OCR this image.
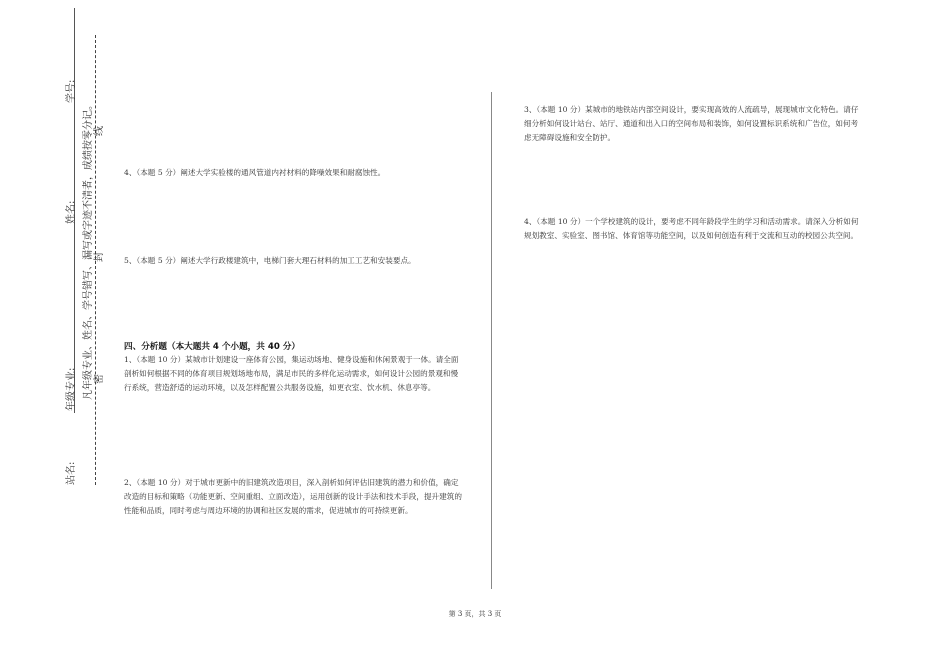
学号:
姓名:
年级专业:
站名:
凡年级专业、姓名、学号错写、漏写或字迹不清者，成绩按零分记。 密
封
线
4、（本题 5 分）阐述大学实验楼的通风管道内衬材料的降噪效果和耐腐蚀性。
5、（本题 5 分）阐述大学行政楼建筑中，电梯门套大理石材料的加工工艺和安装要点。
四、分析题（本大题共 4 个小题，共 40 分）
1、（本题 10 分）某城市计划建设一座体育公园，集运动场地、健身设施和休闲景观于一体。请全面剖析如何根据不同的体育项目规划场地布局，满足市民的多样化运动需求，如何设计公园的景观和慢行系统，营造舒适的运动环境，以及怎样配置公共服务设施，如更衣室、饮水机、休息亭等。
2、（本题 10 分）对于城市更新中的旧建筑改造项目，深入剖析如何评估旧建筑的潜力和价值，确定改造的目标和策略（功能更新、空间重组、立面改造），运用创新的设计手法和技术手段，提升建筑的性能和品质，同时考虑与周边环境的协调和社区发展的需求，促进城市的可持续更新。
3、（本题 10 分）某城市的地铁站内部空间设计，要实现高效的人流疏导，展现城市文化特色。请仔细分析如何设计站台、站厅、通道和出入口的空间布局和装饰，如何设置标识系统和广告位，如何考虑无障碍设施和安全防护。
4、（本题 10 分）一个学校建筑的设计，要考虑不同年龄段学生的学习和活动需求。请深入分析如何规划教室、实验室、图书馆、体育馆等功能空间，以及如何创造有利于交流和互动的校园公共空间。
第 3 页，共 3 页
